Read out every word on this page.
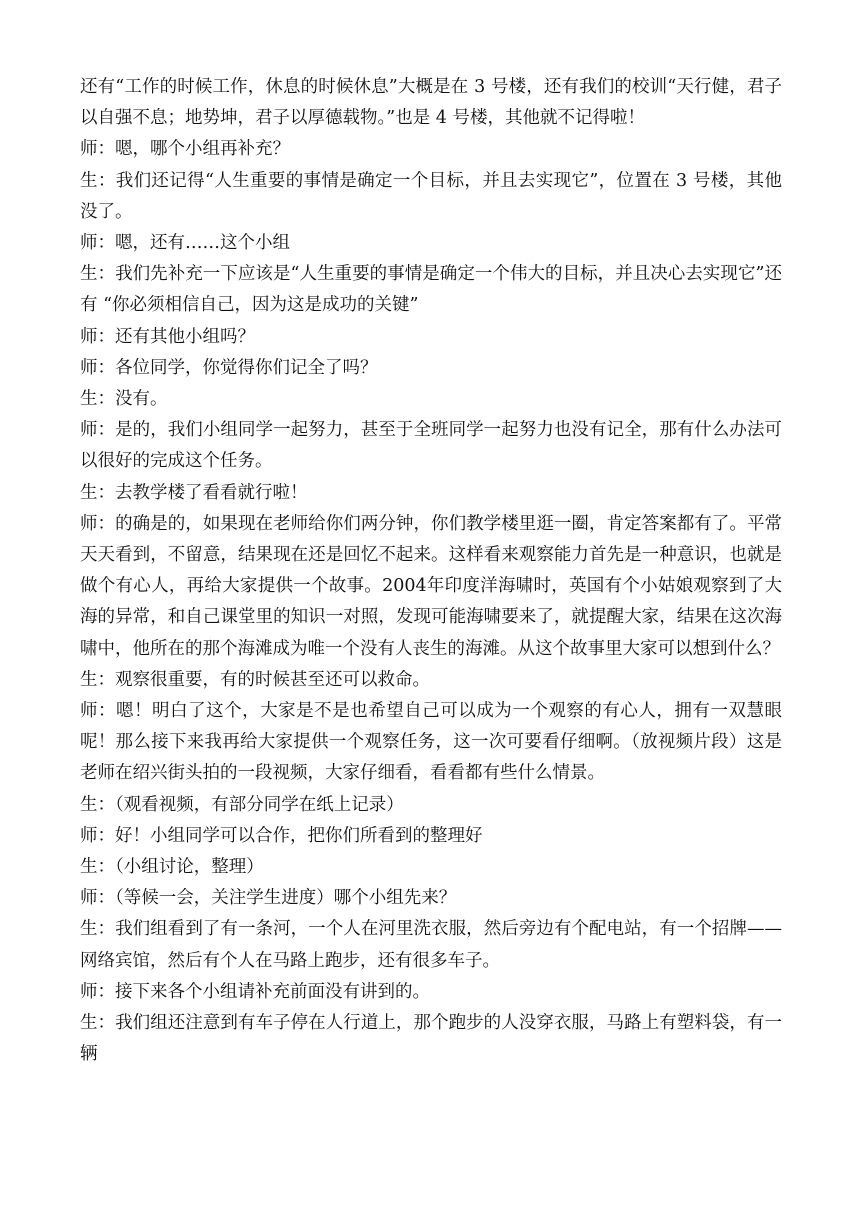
还有“工作的时候工作，休息的时候休息”大概是在 3 号楼，还有我们的校训“天行健，君子以自强不息；地势坤，君子以厚德载物。”也是 4 号楼，其他就不记得啦！

师：嗯，哪个小组再补充？

生：我们还记得“人生重要的事情是确定一个目标，并且去实现它”，位置在 3 号楼，其他没了。

师：嗯，还有……这个小组

生：我们先补充一下应该是“人生重要的事情是确定一个伟大的目标，并且决心去实现它”还有 “你必须相信自己，因为这是成功的关键”

师：还有其他小组吗？

师：各位同学，你觉得你们记全了吗？

生：没有。

师：是的，我们小组同学一起努力，甚至于全班同学一起努力也没有记全，那有什么办法可以很好的完成这个任务。

生：去教学楼了看看就行啦！

师：的确是的，如果现在老师给你们两分钟，你们教学楼里逛一圈，肯定答案都有了。平常天天看到，不留意，结果现在还是回忆不起来。这样看来观察能力首先是一种意识，也就是做个有心人，再给大家提供一个故事。2004年印度洋海啸时，英国有个小姑娘观察到了大海的异常，和自己课堂里的知识一对照，发现可能海啸要来了，就提醒大家，结果在这次海啸中，他所在的那个海滩成为唯一个没有人丧生的海滩。从这个故事里大家可以想到什么？

生：观察很重要，有的时候甚至还可以救命。

师：嗯！明白了这个，大家是不是也希望自己可以成为一个观察的有心人，拥有一双慧眼呢！那么接下来我再给大家提供一个观察任务，这一次可要看仔细啊。（放视频片段）这是老师在绍兴街头拍的一段视频，大家仔细看，看看都有些什么情景。

生：（观看视频，有部分同学在纸上记录）

师：好！小组同学可以合作，把你们所看到的整理好

生：（小组讨论，整理）

师：（等候一会，关注学生进度）哪个小组先来？

生：我们组看到了有一条河，一个人在河里洗衣服，然后旁边有个配电站，有一个招牌——网络宾馆，然后有个人在马路上跑步，还有很多车子。

师：接下来各个小组请补充前面没有讲到的。

生：我们组还注意到有车子停在人行道上，那个跑步的人没穿衣服，马路上有塑料袋，有一辆
